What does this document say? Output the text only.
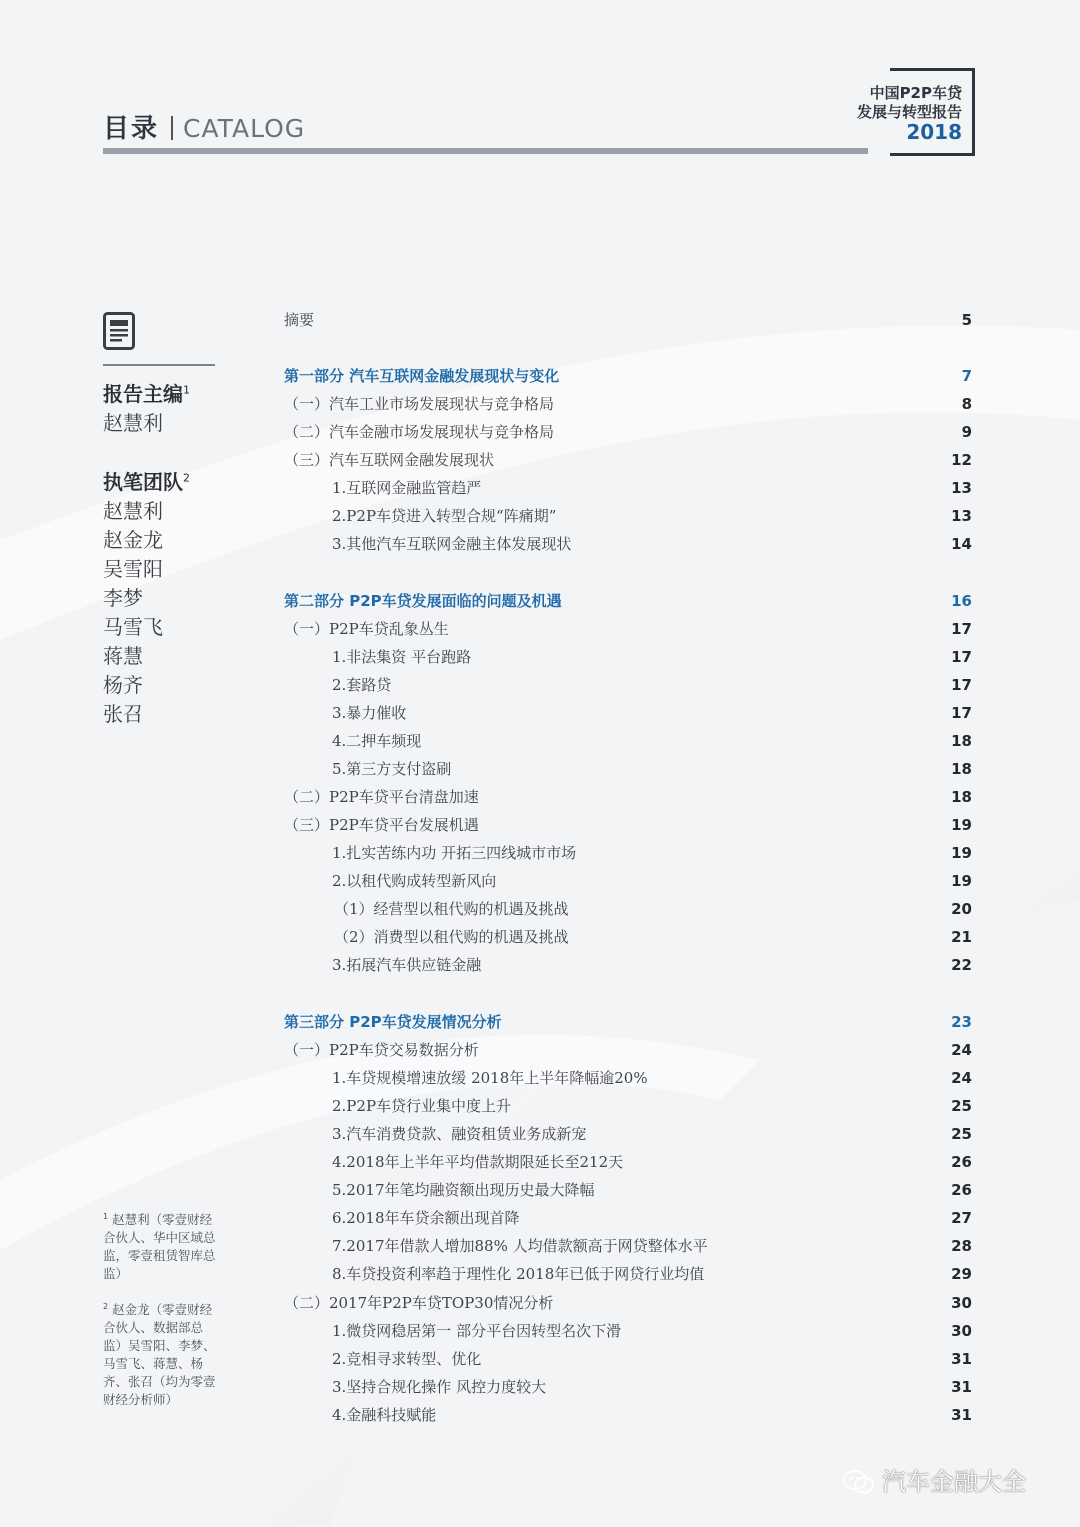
目录 CATALOG
中国P2P车贷
发展与转型报告
2018
报告主编$^1$
赵慧利
执笔团队$^2$
赵慧利
赵金龙
吴雪阳
李梦
马雪飞
蒋慧
杨齐
张召
$^1$ 赵慧利（零壹财经合伙人、华中区域总监，零壹租赁智库总监）
$^2$ 赵金龙（零壹财经合伙人、数据部总监）吴雪阳、李梦、马雪飞、蒋慧、杨齐、张召（均为零壹财经分析师）
摘要	5
第一部分 汽车互联网金融发展现状与变化	7
（一）汽车工业市场发展现状与竞争格局	8
（二）汽车金融市场发展现状与竞争格局	9
（三）汽车互联网金融发展现状	12
1.互联网金融监管趋严	13
2.P2P车贷进入转型合规“阵痛期”	13
3.其他汽车互联网金融主体发展现状	14
第二部分 P2P车贷发展面临的问题及机遇	16
（一）P2P车贷乱象丛生	17
1.非法集资 平台跑路	17
2.套路贷	17
3.暴力催收	17
4.二押车频现	18
5.第三方支付盗刷	18
（二）P2P车贷平台清盘加速	18
（三）P2P车贷平台发展机遇	19
1.扎实苦练内功 开拓三四线城市市场	19
2.以租代购成转型新风向	19
（1）经营型以租代购的机遇及挑战	20
（2）消费型以租代购的机遇及挑战	21
3.拓展汽车供应链金融	22
第三部分 P2P车贷发展情况分析	23
（一）P2P车贷交易数据分析	24
1.车贷规模增速放缓 2018年上半年降幅逾20%	24
2.P2P车贷行业集中度上升	25
3.汽车消费贷款、融资租赁业务成新宠	25
4.2018年上半年平均借款期限延长至212天	26
5.2017年笔均融资额出现历史最大降幅	26
6.2018年车贷余额出现首降	27
7.2017年借款人增加88% 人均借款额高于网贷整体水平	28
8.车贷投资利率趋于理性化 2018年已低于网贷行业均值	29
（二）2017年P2P车贷TOP30情况分析	30
1.微贷网稳居第一 部分平台因转型名次下滑	30
2.竞相寻求转型、优化	31
3.坚持合规化操作 风控力度较大	31
4.金融科技赋能	31
汽车金融大全
